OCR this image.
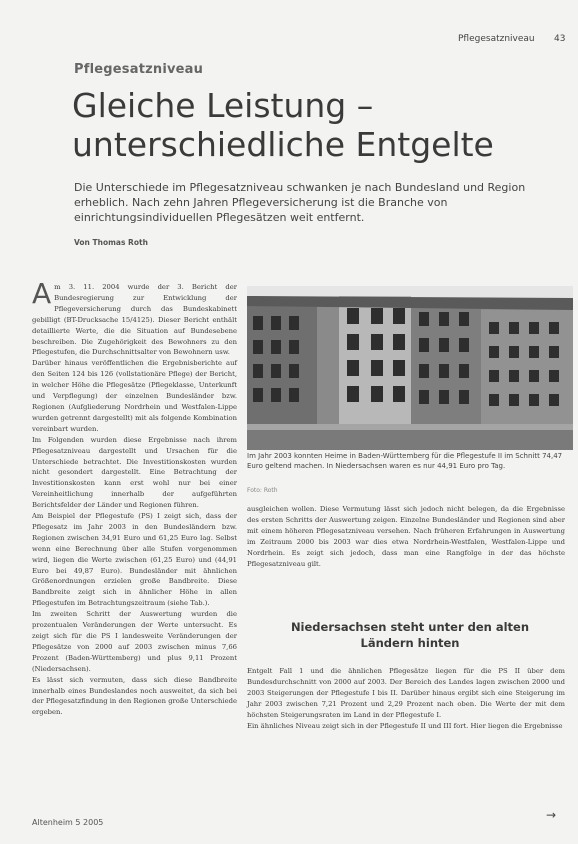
Pflegesatzniveau 43
Pflegesatzniveau
Gleiche Leistung – unterschiedliche Entgelte
Die Unterschiede im Pflegesatzniveau schwanken je nach Bundesland und Region erheblich. Nach zehn Jahren Pflegeversicherung ist die Branche von einrichtungsindividuellen Pflegesätzen weit entfernt.
Von Thomas Roth

Am 3. 11. 2004 wurde der 3. Bericht der Bundesregierung zur Entwicklung der Pflegeversicherung durch das Bundeskabinett gebilligt (BT-Drucksache 15/4125). Dieser Bericht enthält detaillierte Werte, die die Situation auf Bundesebene beschreiben. Die Zugehörigkeit des Bewohners zu den Pflegestufen, die Durchschnittsalter von Bewohnern usw.

Darüber hinaus veröffentlichen die Ergebnisberichte auf den Seiten 124 bis 126 (vollstationäre Pflege) der Bericht, in welcher Höhe die Pflegesätze (Pflegeklasse, Unterkunft und Verpflegung) der einzelnen Bundesländer bzw. Regionen (Aufgliederung Nordrhein und Westfalen-Lippe wurden getrennt dargestellt) mit als folgende Kombination vereinbart wurden.

Im Folgenden wurden diese Ergebnisse nach ihrem Pflegesatzniveau dargestellt und Ursachen für die Unterschiede betrachtet. Die Investitionskosten wurden nicht gesondert dargestellt. Eine Betrachtung der Investitionskosten kann erst wohl nur bei einer Vereinheitlichung innerhalb der aufgeführten Berichtsfelder der Länder und Regionen führen.

Am Beispiel der Pflegestufe (PS) I zeigt sich, dass der Pflegesatz im Jahr 2003 in den Bundesländern bzw. Regionen zwischen 34,91 Euro und 61,25 Euro lag. Selbst wenn eine Berechnung über alle Stufen vorgenommen wird, liegen die Werte zwischen (61,25 Euro) und (44,91 Euro bei 49,87 Euro). Bundesländer mit ähnlichen Größenordnungen erzielen große Bandbreite. Diese Bandbreite zeigt sich in ähnlicher Höhe in allen Pflegestufen im Betrachtungszeitraum (siehe Tab.).

Im zweiten Schritt der Auswertung wurden die prozentualen Veränderungen der Werte untersucht. Es zeigt sich für die PS I landesweite Veränderungen der Pflegesätze von 2000 auf 2003 zwischen minus 7,66 Prozent (Baden-Württemberg) und plus 9,11 Prozent (Niedersachsen).

Es lässt sich vermuten, dass sich diese Bandbreite innerhalb eines Bundeslandes noch ausweitet, da sich bei der Pflegesatzfindung in den Regionen große Unterschiede ergeben.

Im Jahr 2003 konnten Heime in Baden-Württemberg für die Pflegestufe II im Schnitt 74,47 Euro geltend machen. In Niedersachsen waren es nur 44,91 Euro pro Tag.
Foto: Roth

ausgleichen wollen. Diese Vermutung lässt sich jedoch nicht belegen, da die Ergebnisse des ersten Schritts der Auswertung zeigen. Einzelne Bundesländer und Regionen sind aber mit einem höheren Pflegesatzniveau versehen. Nach früheren Erfahrungen in Auswertung im Zeitraum 2000 bis 2003 war dies etwa Nordrhein-Westfalen, Westfalen-Lippe und Nordrhein. Es zeigt sich jedoch, dass man eine Rangfolge in der das höchste Pflegesatzniveau gilt.

Niedersachsen steht unter den alten Ländern hinten

Entgelt Fall 1 und die ähnlichen Pflegesätze liegen für die PS II über dem Bundesdurchschnitt von 2000 auf 2003. Der Bereich des Landes lagen zwischen 2000 und 2003 Steigerungen der Pflegestufe I bis II. Darüber hinaus ergibt sich eine Steigerung im Jahr 2003 zwischen 7,21 Prozent und 2,29 Prozent nach oben. Die Werte der mit dem höchsten Steigerungsraten im Land in der Pflegestufe I.

Ein ähnliches Niveau zeigt sich in der Pflegestufe II und III fort. Hier liegen die Ergebnisse

→
Altenheim 5 2005
